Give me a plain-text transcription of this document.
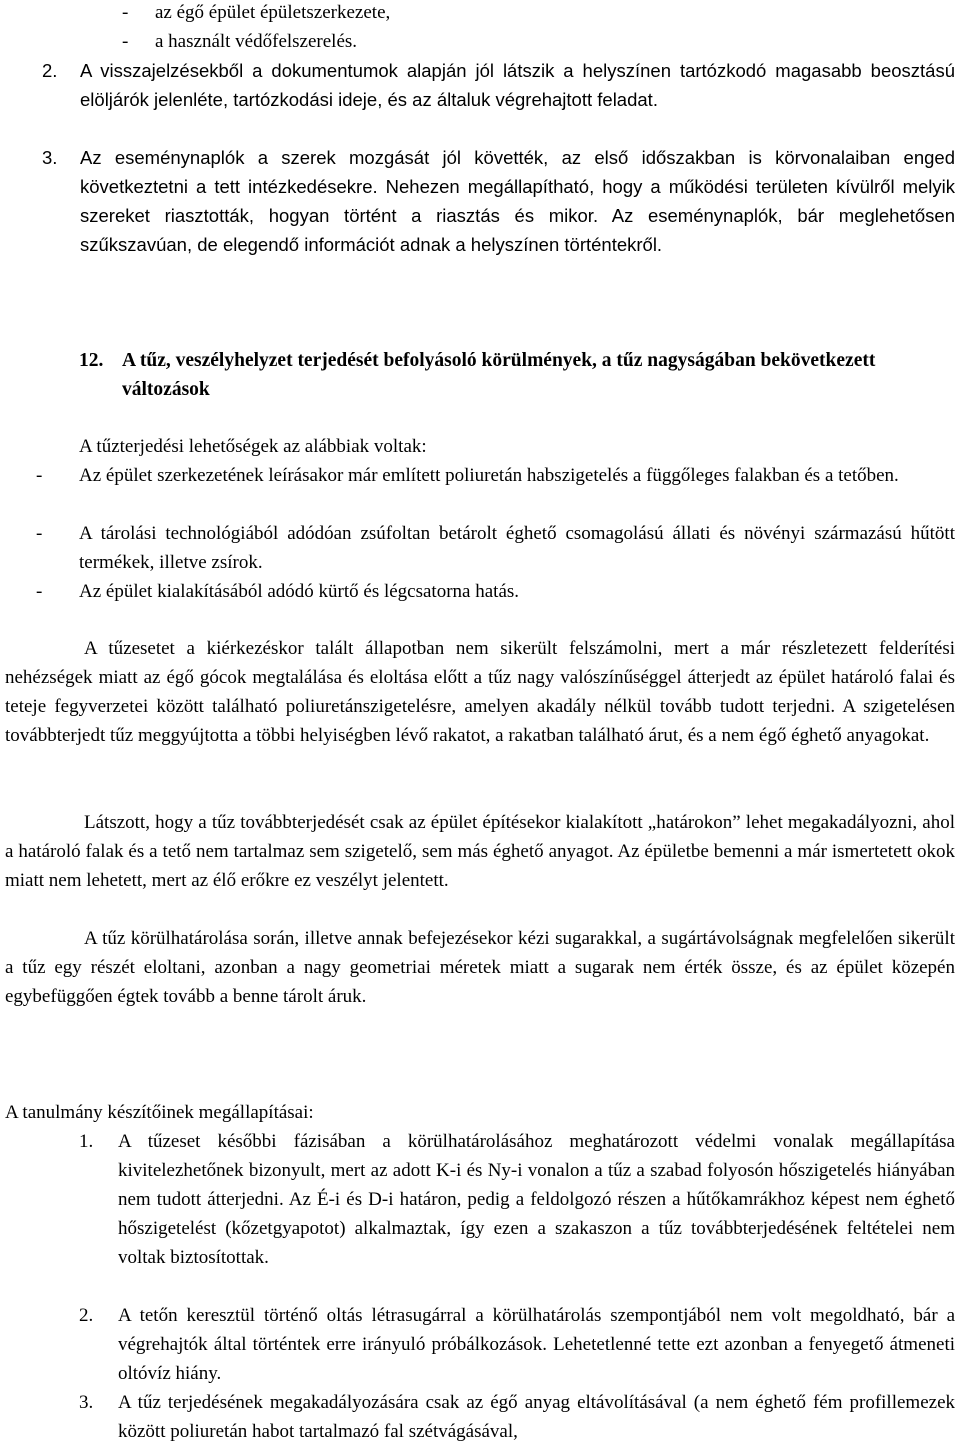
-	az égő épület épületszerkezete,
-	a használt védőfelszerelés.
2. A visszajelzésekből a dokumentumok alapján jól látszik a helyszínen tartózkodó magasabb beosztású elöljárók jelenléte, tartózkodási ideje, és az általuk végrehajtott feladat.
3. Az eseménynaplók a szerek mozgását jól követték, az első időszakban is körvonalaiban enged következtetni a tett intézkedésekre. Nehezen megállapítható, hogy a működési területen kívülről melyik szereket riasztották, hogyan történt a riasztás és mikor. Az eseménynaplók, bár meglehetősen szűkszavúan, de elegendő információt adnak a helyszínen történtekről.
12. A tűz, veszélyhelyzet terjedését befolyásoló körülmények, a tűz nagyságában bekövetkezett változások
A tűzterjedési lehetőségek az alábbiak voltak:
-	Az épület szerkezetének leírásakor már említett poliuretán habszigetelés a függőleges falakban és a tetőben.
-	A tárolási technológiából adódóan zsúfoltan betárolt éghető csomagolású állati és növényi származású hűtött termékek, illetve zsírok.
-	Az épület kialakításából adódó kürtő és légcsatorna hatás.
A tűzesetet a kiérkezéskor talált állapotban nem sikerült felszámolni, mert a már részletezett felderítési nehézségek miatt az égő gócok megtalálása és eloltása előtt a tűz nagy valószínűséggel átterjedt az épület határoló falai és teteje fegyverzetei között található poliuretánszigetelésre, amelyen akadály nélkül tovább tudott terjedni. A szigetelésen továbbterjedt tűz meggyújtotta a többi helyiségben lévő rakatot, a rakatban található árut, és a nem égő éghető anyagokat.
Látszott, hogy a tűz továbbterjedését csak az épület építésekor kialakított „határokon” lehet megakadályozni, ahol a határoló falak és a tető nem tartalmaz sem szigetelő, sem más éghető anyagot. Az épületbe bemenni a már ismertetett okok miatt nem lehetett, mert az élő erőkre ez veszélyt jelentett.
A tűz körülhatárolása során, illetve annak befejezésekor kézi sugarakkal, a sugártávolságnak megfelelően sikerült a tűz egy részét eloltani, azonban a nagy geometriai méretek miatt a sugarak nem érték össze, és az épület közepén egybefüggően égtek tovább a benne tárolt áruk.
A tanulmány készítőinek megállapításai:
1. A tűzeset későbbi fázisában a körülhatárolásához meghatározott védelmi vonalak megállapítása kivitelezhetőnek bizonyult, mert az adott K-i és Ny-i vonalon a tűz a szabad folyosón hőszigetelés hiányában nem tudott átterjedni. Az É-i és D-i határon, pedig a feldolgozó részen a hűtőkamrákhoz képest nem éghető hőszigetelést (kőzetgyapotot) alkalmaztak, így ezen a szakaszon a tűz továbbterjedésének feltételei nem voltak biztosítottak.
2. A tetőn keresztül történő oltás létrasugárral a körülhatárolás szempontjából nem volt megoldható, bár a végrehajtók által történtek erre irányuló próbálkozások. Lehetetlenné tette ezt azonban a fenyegető átmeneti oltóvíz hiány.
3. A tűz terjedésének megakadályozására csak az égő anyag eltávolításával (a nem éghető fém profillemezek között poliuretán habot tartalmazó fal szétvágásával,
